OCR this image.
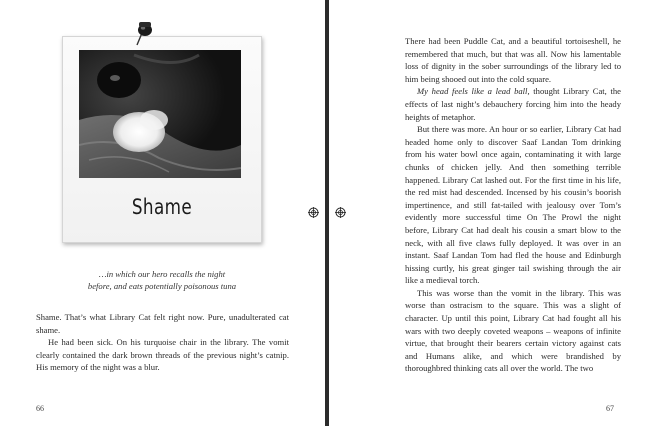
Shame
…in which our hero recalls the night
before, and eats potentially poisonous tuna

Shame. That’s what Library Cat felt right now. Pure, unadulterated cat shame.

He had been sick. On his turquoise chair in the library. The vomit clearly contained the dark brown threads of the previous night’s catnip. His memory of the night was a blur.

66

There had been Puddle Cat, and a beautiful tortoiseshell, he remembered that much, but that was all. Now his lamentable loss of dignity in the sober surroundings of the library led to him being shooed out into the cold square.

My head feels like a lead ball, thought Library Cat, the effects of last night’s debauchery forcing him into the heady heights of metaphor.

But there was more. An hour or so earlier, Library Cat had headed home only to discover Saaf Landan Tom drinking from his water bowl once again, contaminating it with large chunks of chicken jelly. And then something terrible happened. Library Cat lashed out. For the first time in his life, the red mist had descended. Incensed by his cousin’s boorish impertinence, and still fat-tailed with jealousy over Tom’s evidently more successful time On The Prowl the night before, Library Cat had dealt his cousin a smart blow to the neck, with all five claws fully deployed. It was over in an instant. Saaf Landan Tom had fled the house and Edinburgh hissing curtly, his great ginger tail swishing through the air like a medieval torch.

This was worse than the vomit in the library. This was worse than ostracism to the square. This was a slight of character. Up until this point, Library Cat had fought all his wars with two deeply coveted weapons – weapons of infinite virtue, that brought their bearers certain victory against cats and Humans alike, and which were brandished by thoroughbred thinking cats all over the world. The two

67
